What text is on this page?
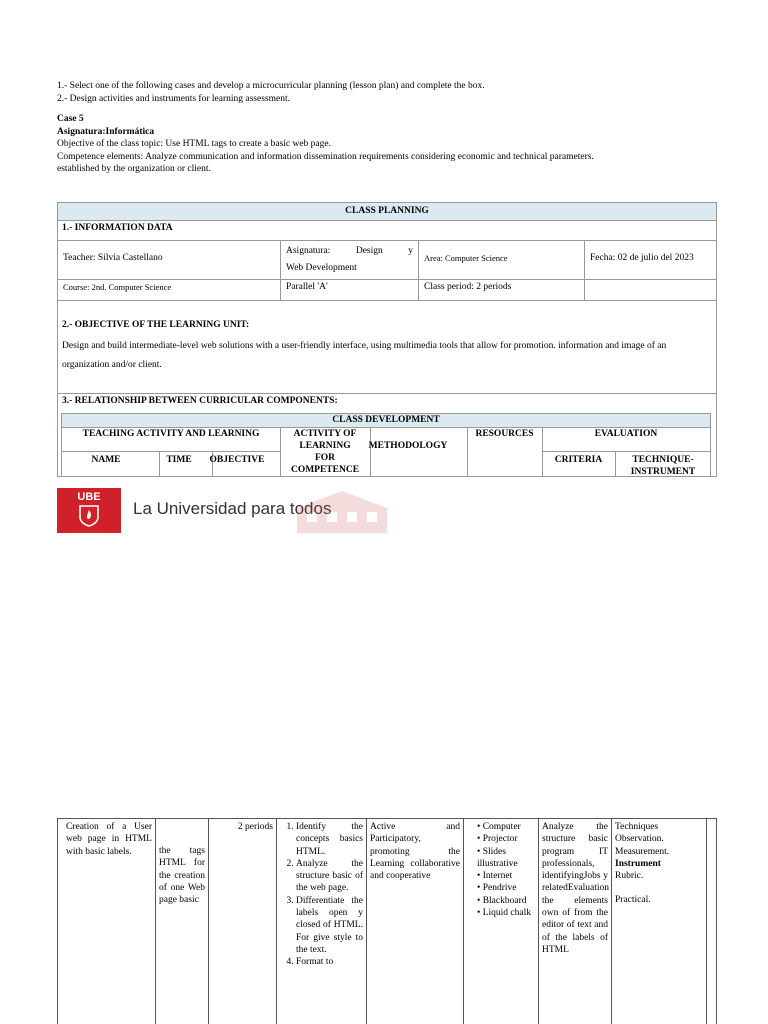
1.- Select one of the following cases and develop a microcurricular planning (lesson plan) and complete the box.
2.- Design activities and instruments for learning assessment.
Case 5
Asignatura:Informática
Objective of the class topic: Use HTML tags to create a basic web page.
Competence elements: Analyze communication and information dissemination requirements considering economic and technical parameters.
established by the organization or client.
CLASS PLANNING
1.- INFORMATION DATA
Teacher: Silvia Castellano
Asignatura:	Design	y
Web Development
Area: Computer Science	Fecha: 02 de julio del 2023
Course: 2nd. Computer Science	Parallel 'A'	Class period: 2 periods
2.- OBJECTIVE OF THE LEARNING UNIT:
Design and build intermediate-level web solutions with a user-friendly interface, using multimedia tools that allow for promotion. information and image of an organization and/or client.
3.- RELATIONSHIP BETWEEN CURRICULAR COMPONENTS:
CLASS DEVELOPMENT
TEACHING ACTIVITY AND LEARNING	ACTIVITY OF LEARNING
FOR COMPETENCE
METHODOLOGY
RESOURCES	EVALUATION
NAME	TIME	OBJECTIVE	CRITERIA	TECHNIQUE-INSTRUMENT
UBE
La Universidad para todos
Creation of a User web page in HTML with basic labels.	the tags HTML for the creation of one Web page basic
2 periods
1.	Identify the concepts basics HTML.
2. Analyze the structure basic of the web page.
3. Differentiate the labels open y closed of HTML. For give style to the text.
4. Format to
Active and Participatory, promoting the Learning collaborative and cooperative
• Computer
• Projector
• Slides illustrative
• Internet
• Pendrive
• Blackboard
• Liquid chalk
Analyze the structure basic program IT professionals, identifyingJobs y relatedEvaluation the elements own of from the editor of text and of the labels of HTML
Techniques Observation. Measurement.
Instrument
Rubric.
Practical.
